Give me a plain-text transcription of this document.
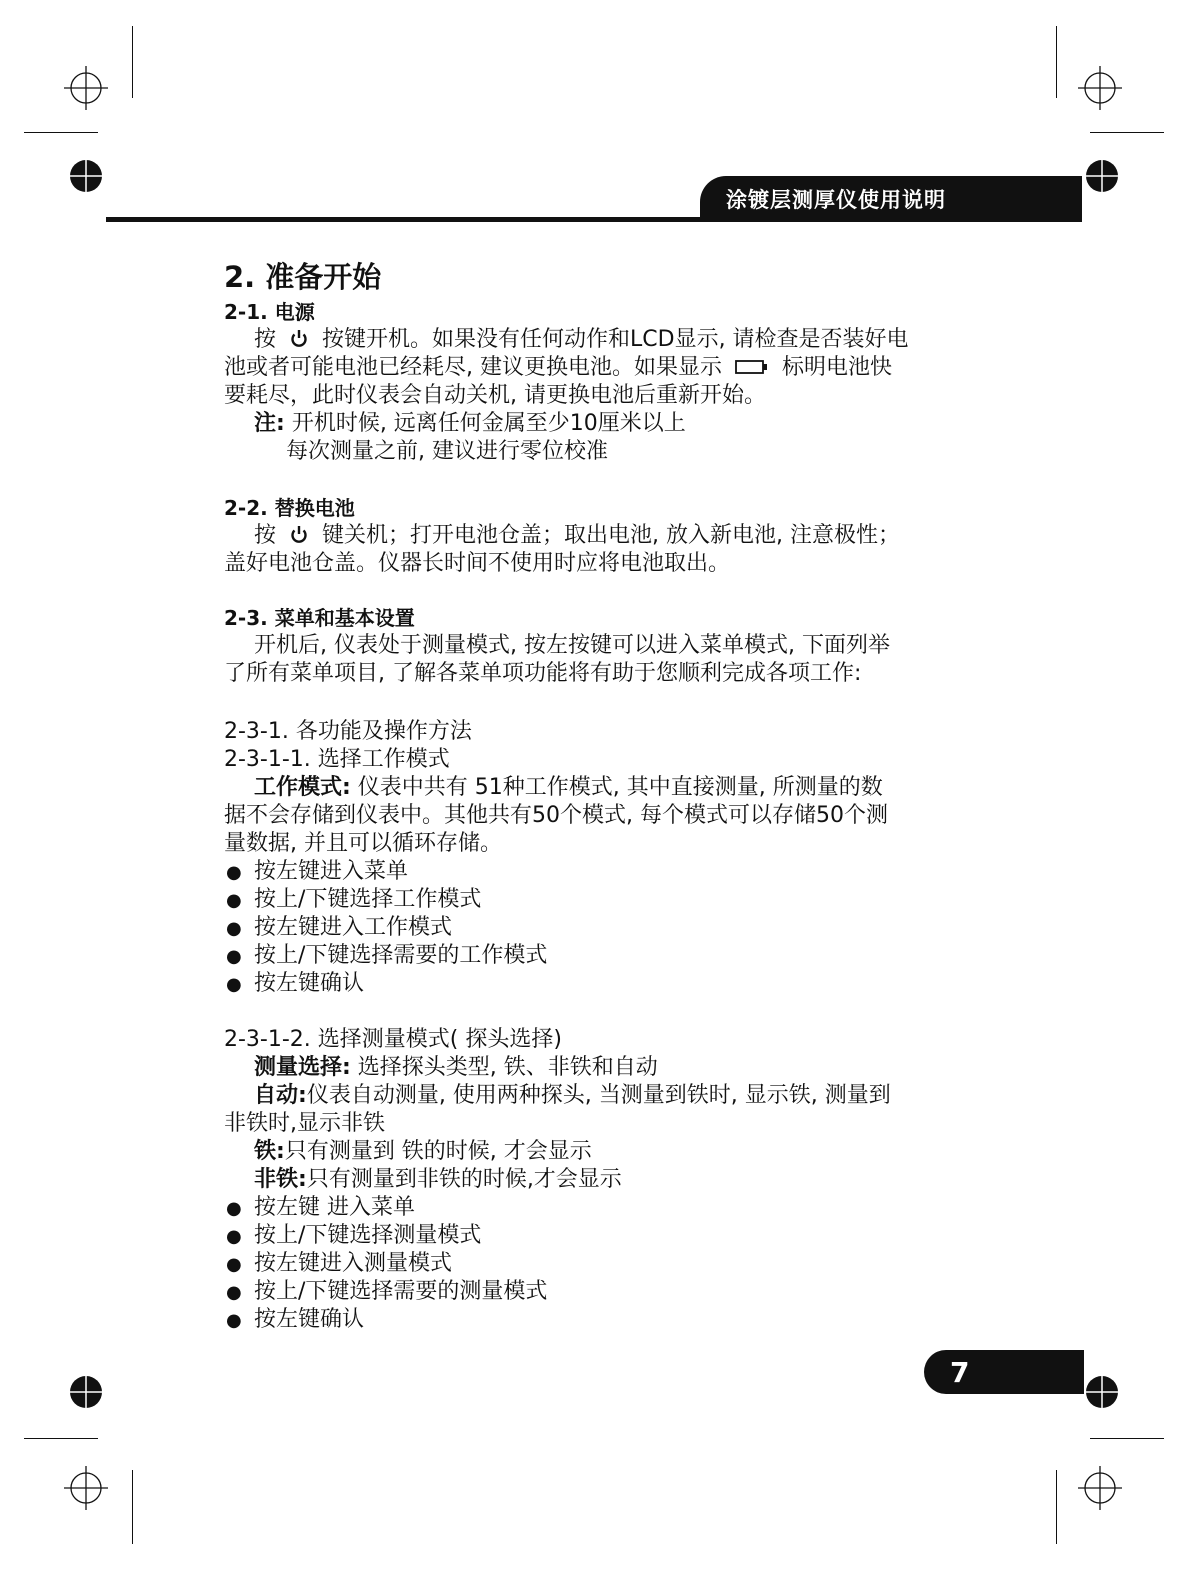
涂镀层测厚仪使用说明
2. 准备开始
2-1. 电源
按 按键开机。如果没有任何动作和LCD显示, 请检查是否装好电
池或者可能电池已经耗尽, 建议更换电池。如果显示	标明电池快
要耗尽，此时仪表会自动关机, 请更换电池后重新开始。
注: 开机时候, 远离任何金属至少10厘米以上
每次测量之前, 建议进行零位校准
2-2. 替换电池
按 键关机；打开电池仓盖；取出电池, 放入新电池, 注意极性；
盖好电池仓盖。仪器长时间不使用时应将电池取出。
2-3. 菜单和基本设置
开机后, 仪表处于测量模式, 按左按键可以进入菜单模式, 下面列举
了所有菜单项目, 了解各菜单项功能将有助于您顺利完成各项工作:
2-3-1. 各功能及操作方法
2-3-1-1. 选择工作模式
工作模式: 仪表中共有 51种工作模式, 其中直接测量, 所测量的数
据不会存储到仪表中。其他共有50个模式, 每个模式可以存储50个测
量数据, 并且可以循环存储。
● 按左键进入菜单
● 按上/下键选择工作模式
● 按左键进入工作模式
● 按上/下键选择需要的工作模式
● 按左键确认
2-3-1-2. 选择测量模式( 探头选择)
测量选择: 选择探头类型, 铁、非铁和自动
自动:仪表自动测量, 使用两种探头, 当测量到铁时, 显示铁, 测量到
非铁时,显示非铁
铁:只有测量到 铁的时候, 才会显示
非铁:只有测量到非铁的时候,才会显示
● 按左键 进入菜单
● 按上/下键选择测量模式
● 按左键进入测量模式
● 按上/下键选择需要的测量模式
● 按左键确认
7
